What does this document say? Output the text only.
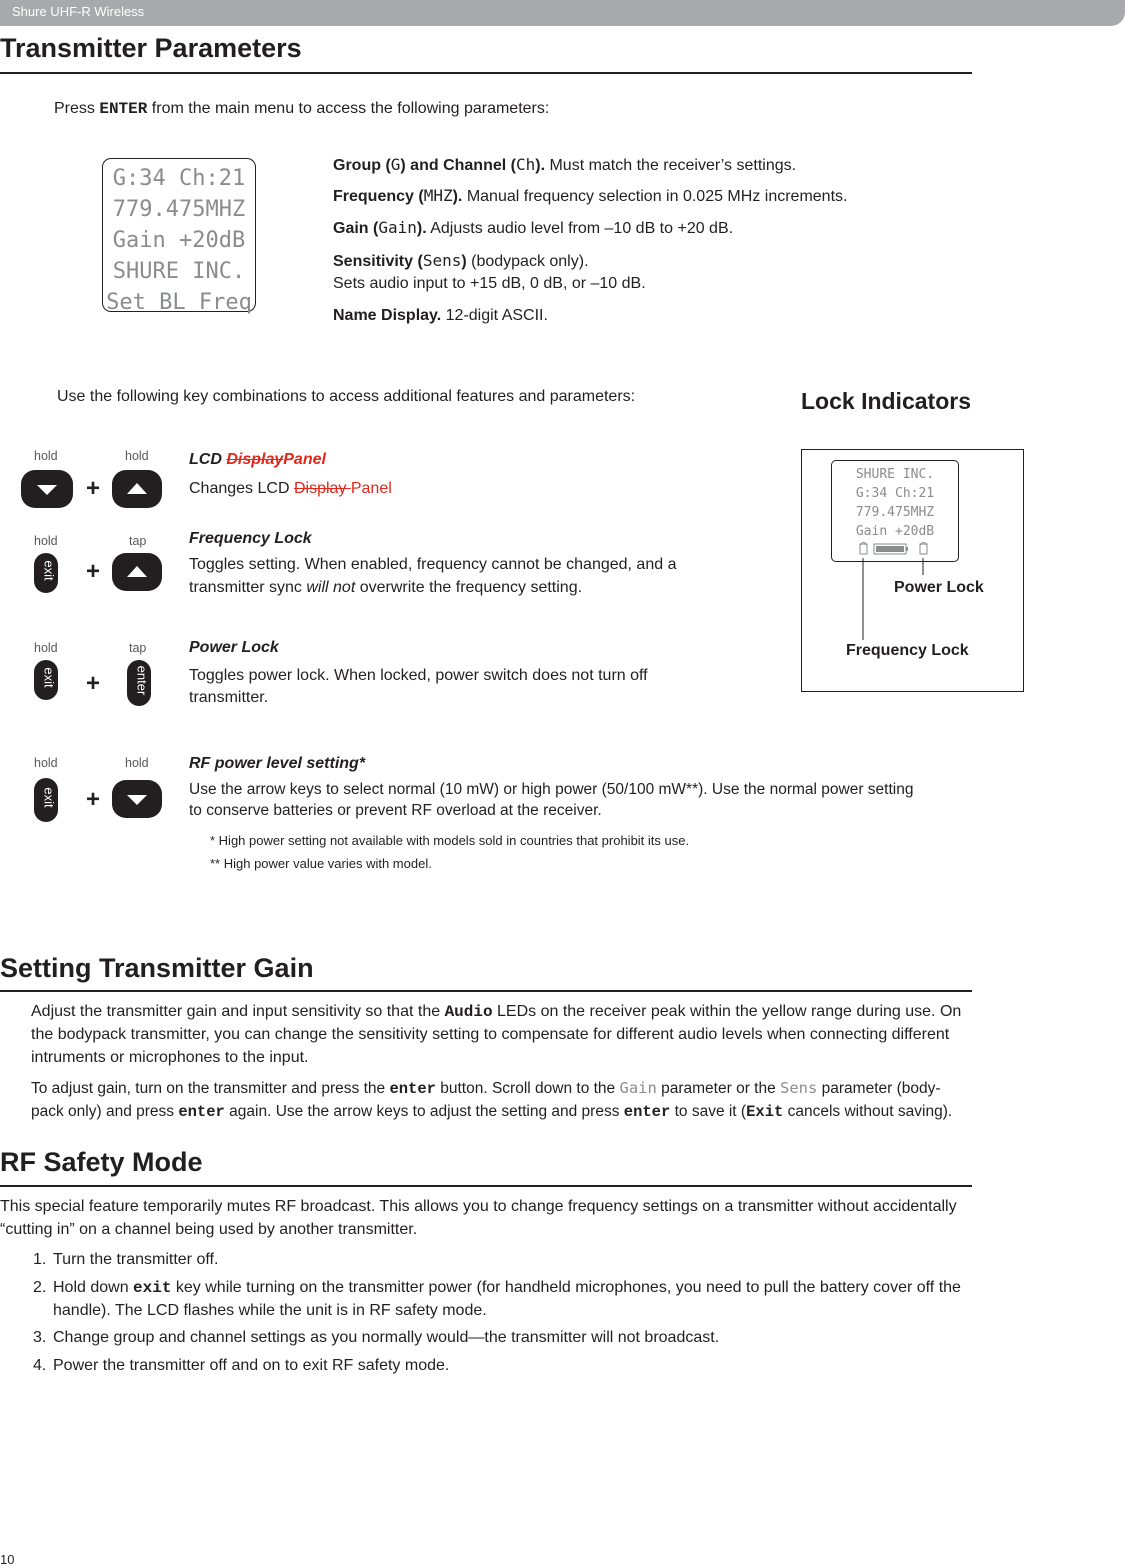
Shure UHF-R Wireless
Transmitter Parameters
Press ENTER from the main menu to access the following parameters:
G:34 Ch:21
779.475MHZ
Gain +20dB
SHURE INC.
Set BL Freq
Group (G) and Channel (Ch). Must match the receiver’s settings.
Frequency (MHZ). Manual frequency selection in 0.025 MHz increments.
Gain (Gain). Adjusts audio level from –10 dB to +20 dB.
Sensitivity (Sens) (bodypack only).
Sets audio input to +15 dB, 0 dB, or –10 dB.
Name Display. 12-digit ASCII.
Use the following key combinations to access additional features and parameters:
hold	hold
+
LCD DisplayPanel
Changes LCD Display Panel
hold	tap
exit +
Frequency Lock
Toggles setting. When enabled, frequency cannot be changed, and a
transmitter sync will not overwrite the frequency setting.
hold	tap
exit +	enter
Power Lock
Toggles power lock. When locked, power switch does not turn off
transmitter.
hold	hold
exit +
RF power level setting*
Use the arrow keys to select normal (10 mW) or high power (50/100 mW**). Use the normal power setting
to conserve batteries or prevent RF overload at the receiver.
* High power setting not available with models sold in countries that prohibit its use.
** High power value varies with model.
Lock Indicators
SHURE INC.
G:34 Ch:21
779.475MHZ
Gain +20dB
Power Lock
Frequency Lock
Setting Transmitter Gain
Adjust the transmitter gain and input sensitivity so that the Audio LEDs on the receiver peak within the yellow range during use. On
the bodypack transmitter, you can change the sensitivity setting to compensate for different audio levels when connecting different
intruments or microphones to the input.
To adjust gain, turn on the transmitter and press the enter button. Scroll down to the Gain parameter or the Sens parameter (body-
pack only) and press enter again. Use the arrow keys to adjust the setting and press enter to save it (Exit cancels without saving).
RF Safety Mode
This special feature temporarily mutes RF broadcast. This allows you to change frequency settings on a transmitter without accidentally
“cutting in” on a channel being used by another transmitter.
1. Turn the transmitter off.
2. Hold down exit key while turning on the transmitter power (for handheld microphones, you need to pull the battery cover off the
handle). The LCD flashes while the unit is in RF safety mode.
3. Change group and channel settings as you normally would—the transmitter will not broadcast.
4. Power the transmitter off and on to exit RF safety mode.
10
